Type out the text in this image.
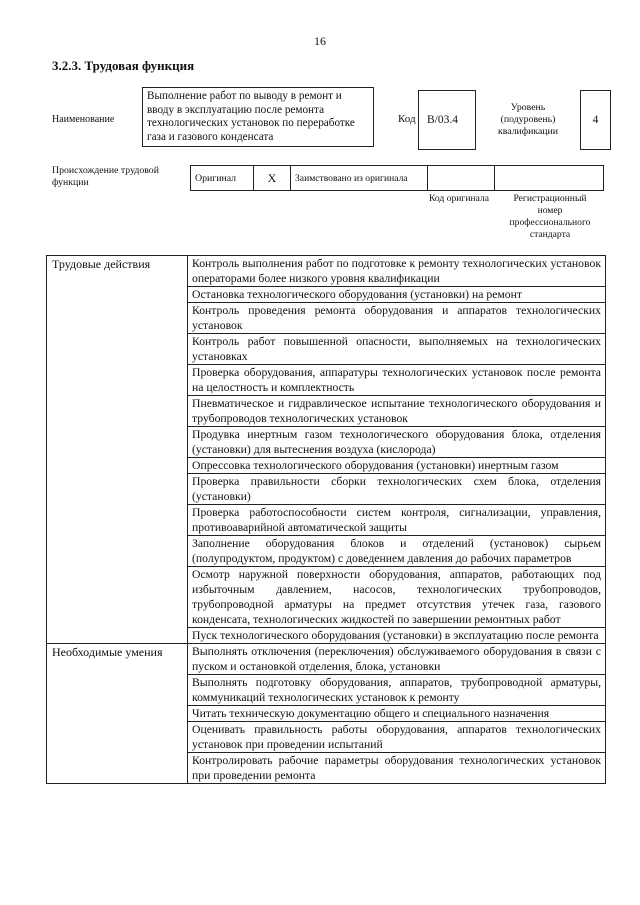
16
3.2.3. Трудовая функция
Наименование
Выполнение работ по выводу в ремонт и вводу в эксплуатацию после ремонта технологических установок по переработке газа и газового конденсата
Код B/03.4
Уровень (подуровень) квалификации
4
Происхождение трудовой функции	Оригинал	X	Заимствовано из оригинала		
Код оригинала	Регистрационный номер профессионального стандарта
Трудовые действия	Контроль выполнения работ по подготовке к ремонту технологических установок операторами более низкого уровня квалификации
Остановка технологического оборудования (установки) на ремонт
Контроль проведения ремонта оборудования и аппаратов технологических установок
Контроль работ повышенной опасности, выполняемых на технологических установках
Проверка оборудования, аппаратуры технологических установок после ремонта на целостность и комплектность
Пневматическое и гидравлическое испытание технологического оборудования и трубопроводов технологических установок
Продувка инертным газом технологического оборудования блока, отделения (установки) для вытеснения воздуха (кислорода)
Опрессовка технологического оборудования (установки) инертным газом
Проверка правильности сборки технологических схем блока, отделения (установки)
Проверка работоспособности систем контроля, сигнализации, управления, противоаварийной автоматической защиты
Заполнение оборудования блоков и отделений (установок) сырьем (полупродуктом, продуктом) с доведением давления до рабочих параметров
Осмотр наружной поверхности оборудования, аппаратов, работающих под избыточным давлением, насосов, технологических трубопроводов, трубопроводной арматуры на предмет отсутствия утечек газа, газового конденсата, технологических жидкостей по завершении ремонтных работ
Пуск технологического оборудования (установки) в эксплуатацию после ремонта
Необходимые умения	Выполнять отключения (переключения) обслуживаемого оборудования в связи с пуском и остановкой отделения, блока, установки
Выполнять подготовку оборудования, аппаратов, трубопроводной арматуры, коммуникаций технологических установок к ремонту
Читать техническую документацию общего и специального назначения
Оценивать правильность работы оборудования, аппаратов технологических установок при проведении испытаний
Контролировать рабочие параметры оборудования технологических установок при проведении ремонта
